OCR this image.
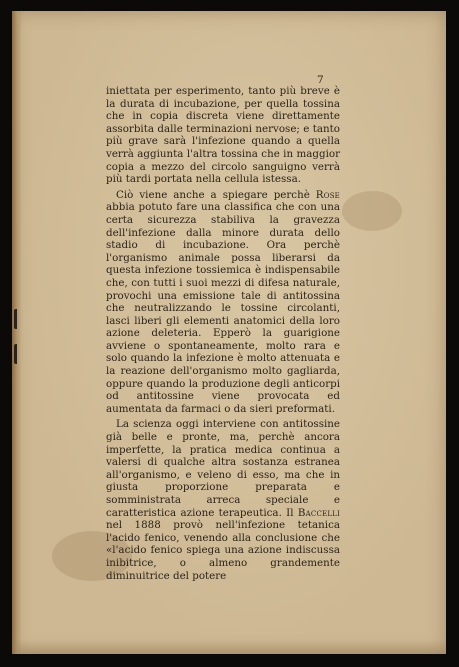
7

iniettata per esperimento, tanto più breve è la durata di incubazione, per quella tossina che in copia discreta viene direttamente assorbita dalle terminazioni nervose; e tanto più grave sarà l'infezione quando a quella verrà aggiunta l'altra tossina che in maggior copia a mezzo del circolo sanguigno verrà più tardi portata nella cellula istessa.

Ciò viene anche a spiegare perchè Rose abbia potuto fare una classifica che con una certa sicurezza stabiliva la gravezza dell'infezione dalla minore durata dello stadio di incubazione. Ora perchè l'organismo animale possa liberarsi da questa infezione tossiemica è indispensabile che, con tutti i suoi mezzi di difesa naturale, provochi una emissione tale di antitossina che neutralizzando le tossine circolanti, lasci liberi gli elementi anatomici della loro azione deleteria. Epperò la guarigione avviene o spontaneamente, molto rara e solo quando la infezione è molto attenuata e la reazione dell'organismo molto gagliarda, oppure quando la produzione degli anticorpi od antitossine viene provocata ed aumentata da farmaci o da sieri preformati.

La scienza oggi interviene con antitossine già belle e pronte, ma, perchè ancora imperfette, la pratica medica continua a valersi di qualche altra sostanza estranea all'organismo, e veleno di esso, ma che in giusta proporzione preparata e somministrata arreca speciale e caratteristica azione terapeutica. Il Baccelli nel 1888 provò nell'infezione tetanica l'acido fenico, venendo alla conclusione che «l'acido fenico spiega una azione indiscussa inibitrice, o almeno grandemente diminuitrice del potere
